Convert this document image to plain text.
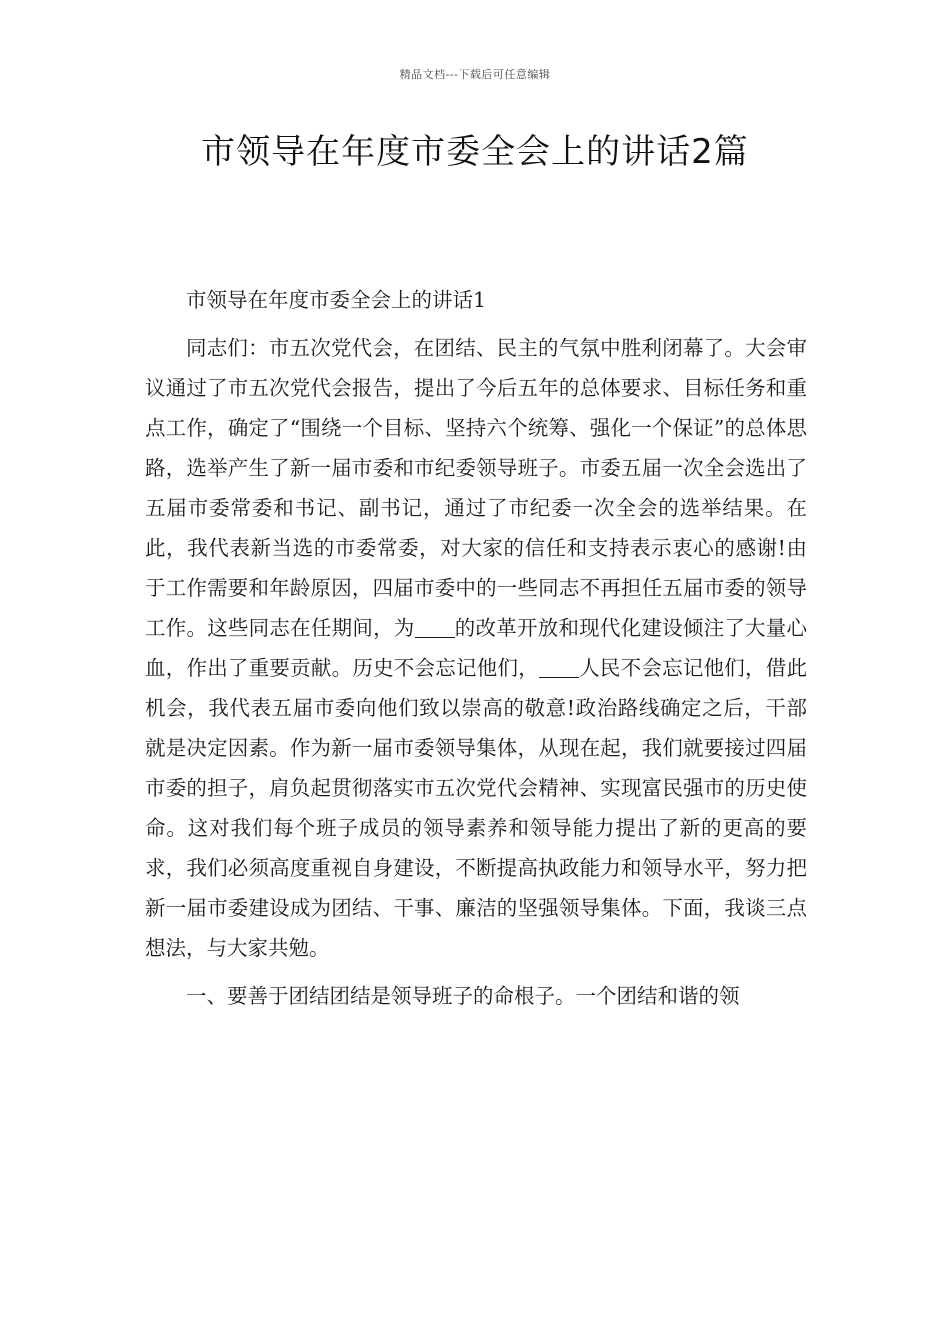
精品文档---下载后可任意编辑
市领导在年度市委全会上的讲话2篇

市领导在年度市委全会上的讲话1

同志们：市五次党代会，在团结、民主的气氛中胜利闭幕了。大会审议通过了市五次党代会报告，提出了今后五年的总体要求、目标任务和重点工作，确定了“围绕一个目标、坚持六个统筹、强化一个保证”的总体思路，选举产生了新一届市委和市纪委领导班子。市委五届一次全会选出了五届市委常委和书记、副书记，通过了市纪委一次全会的选举结果。在此，我代表新当选的市委常委，对大家的信任和支持表示衷心的感谢!由于工作需要和年龄原因，四届市委中的一些同志不再担任五届市委的领导工作。这些同志在任期间，为 的改革开放和现代化建设倾注了大量心血，作出了重要贡献。历史不会忘记他们， 人民不会忘记他们，借此机会，我代表五届市委向他们致以崇高的敬意!政治路线确定之后，干部就是决定因素。作为新一届市委领导集体，从现在起，我们就要接过四届市委的担子，肩负起贯彻落实市五次党代会精神、实现富民强市的历史使命。这对我们每个班子成员的领导素养和领导能力提出了新的更高的要求，我们必须高度重视自身建设，不断提高执政能力和领导水平，努力把新一届市委建设成为团结、干事、廉洁的坚强领导集体。下面，我谈三点想法，与大家共勉。

一、要善于团结团结是领导班子的命根子。一个团结和谐的领
